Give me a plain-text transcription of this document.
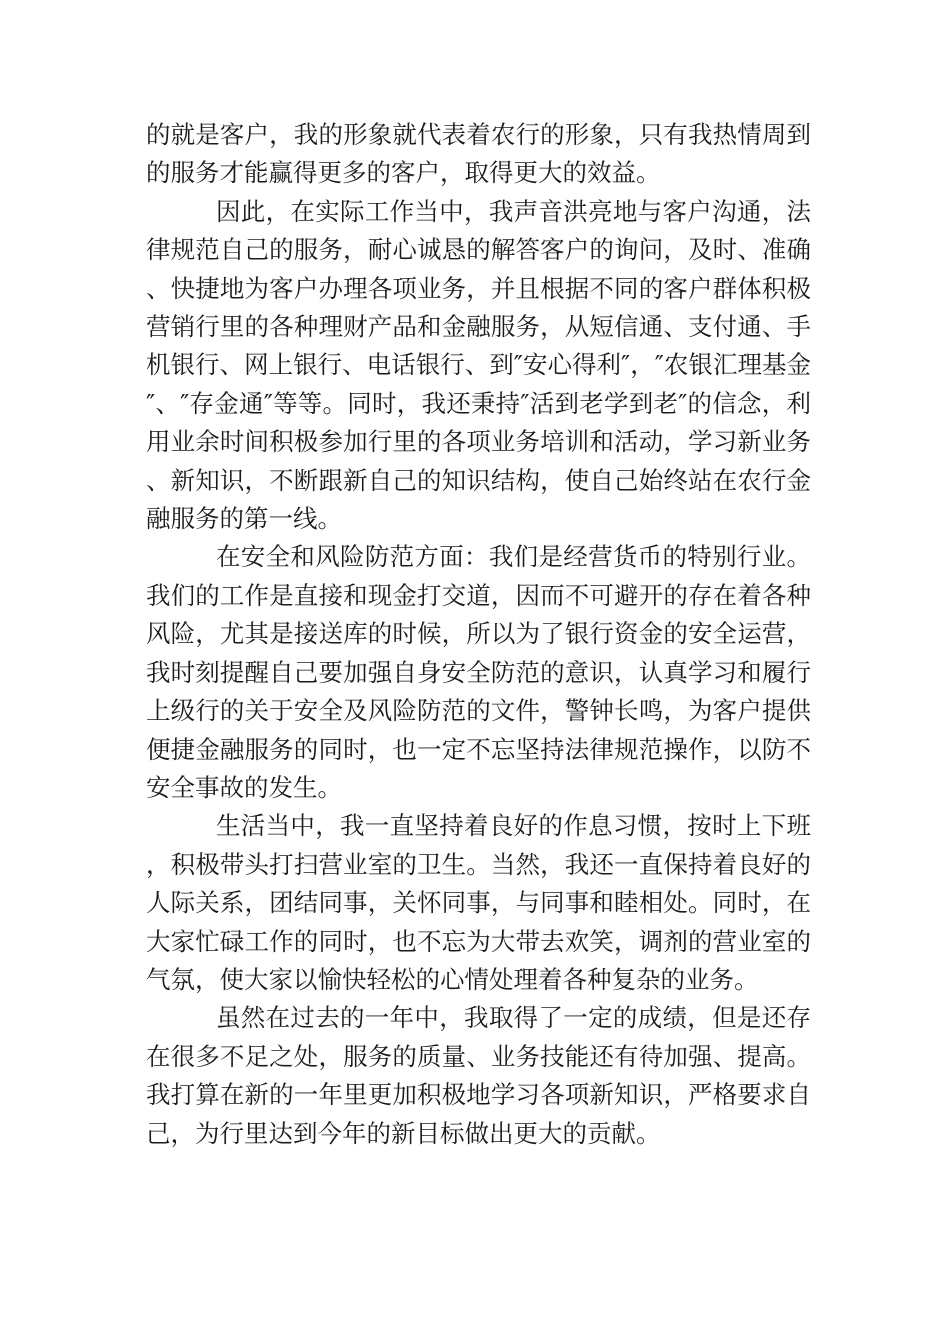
的就是客户，我的形象就代表着农行的形象，只有我热情周到的服务才能赢得更多的客户，取得更大的效益。

因此，在实际工作当中，我声音洪亮地与客户沟通，法律规范自己的服务，耐心诚恳的解答客户的询问，及时、准确、快捷地为客户办理各项业务，并且根据不同的客户群体积极营销行里的各种理财产品和金融服务，从短信通、支付通、手机银行、网上银行、电话银行、到″安心得利″，″农银汇理基金″、″存金通″等等。同时，我还秉持″活到老学到老″的信念，利用业余时间积极参加行里的各项业务培训和活动，学习新业务、新知识，不断跟新自己的知识结构，使自己始终站在农行金融服务的第一线。

在安全和风险防范方面：我们是经营货币的特别行业。我们的工作是直接和现金打交道，因而不可避开的存在着各种风险，尤其是接送库的时候，所以为了银行资金的安全运营，我时刻提醒自己要加强自身安全防范的意识，认真学习和履行上级行的关于安全及风险防范的文件，警钟长鸣，为客户提供便捷金融服务的同时，也一定不忘坚持法律规范操作，以防不安全事故的发生。

生活当中，我一直坚持着良好的作息习惯，按时上下班，积极带头打扫营业室的卫生。当然，我还一直保持着良好的人际关系，团结同事，关怀同事，与同事和睦相处。同时，在大家忙碌工作的同时，也不忘为大带去欢笑，调剂的营业室的气氛，使大家以愉快轻松的心情处理着各种复杂的业务。

虽然在过去的一年中，我取得了一定的成绩，但是还存在很多不足之处，服务的质量、业务技能还有待加强、提高。我打算在新的一年里更加积极地学习各项新知识，严格要求自己，为行里达到今年的新目标做出更大的贡献。
